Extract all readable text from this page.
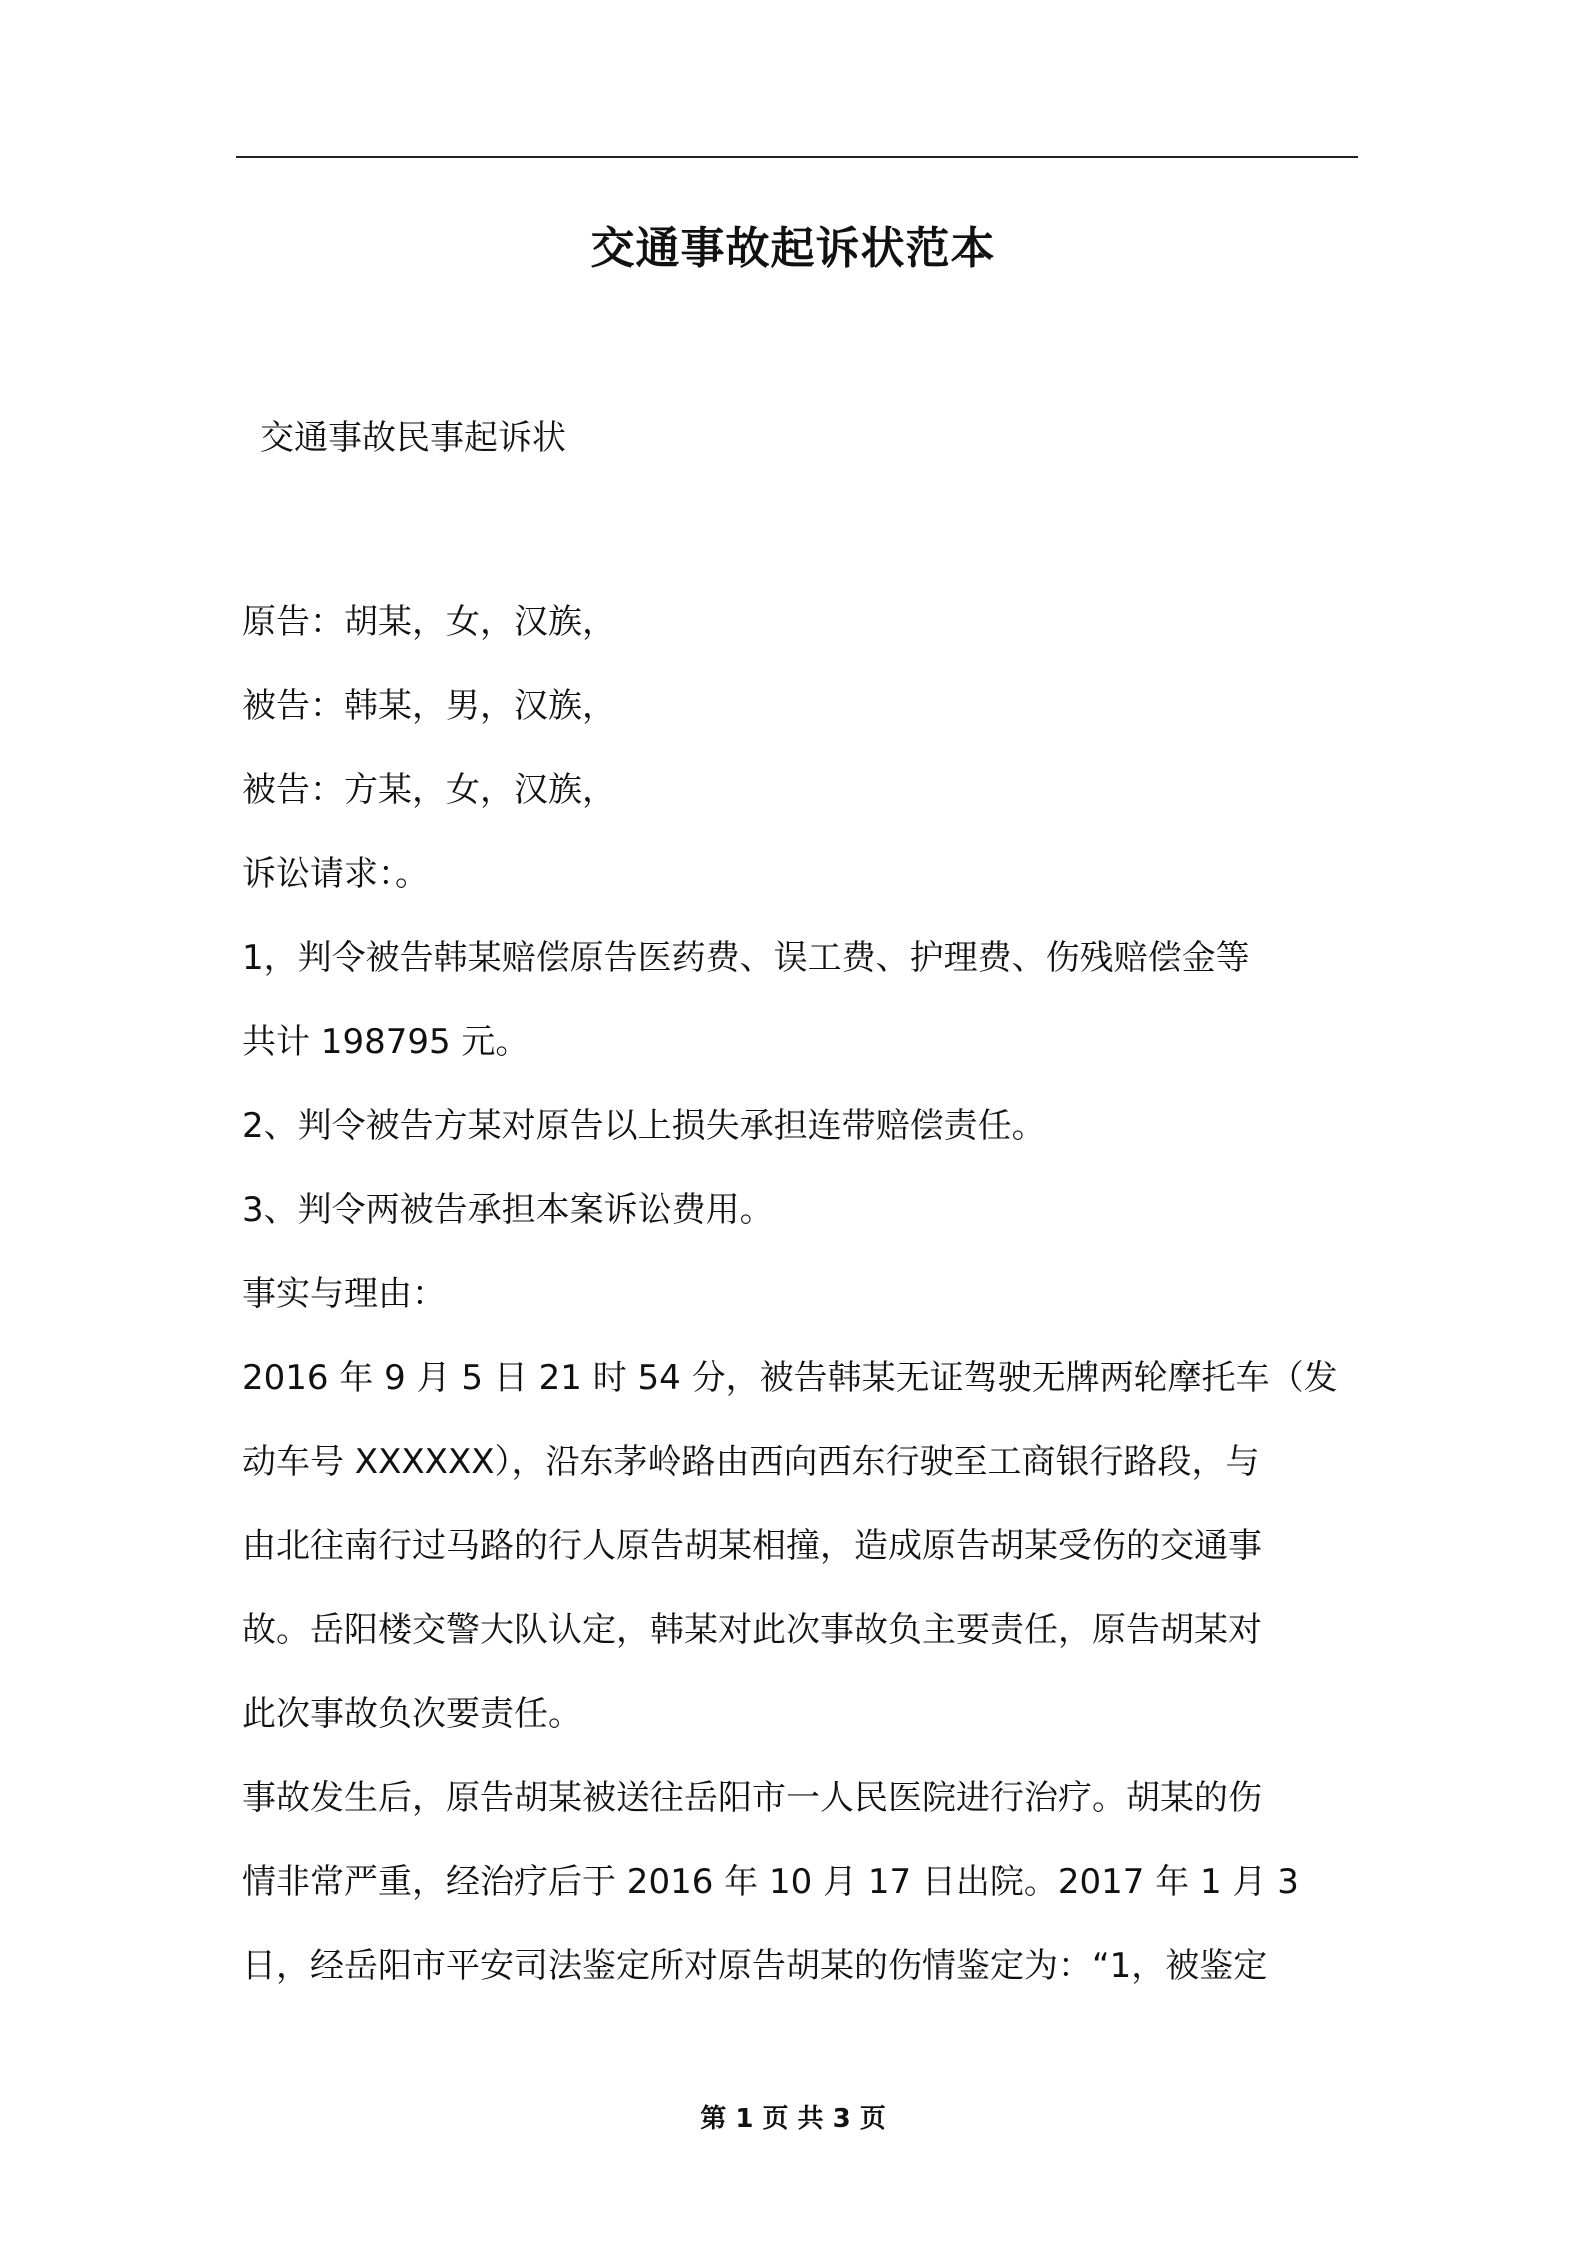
交通事故起诉状范本

交通事故民事起诉状

原告：胡某，女，汉族，

被告：韩某，男，汉族，

被告：方某，女，汉族，

诉讼请求：。

1，判令被告韩某赔偿原告医药费、误工费、护理费、伤残赔偿金等

共计 198795 元。

2、判令被告方某对原告以上损失承担连带赔偿责任。

3、判令两被告承担本案诉讼费用。

事实与理由：

2016 年 9 月 5 日 21 时 54 分，被告韩某无证驾驶无牌两轮摩托车（发

动车号 XXXXXX），沿东茅岭路由西向西东行驶至工商银行路段，与

由北往南行过马路的行人原告胡某相撞，造成原告胡某受伤的交通事

故。岳阳楼交警大队认定，韩某对此次事故负主要责任，原告胡某对

此次事故负次要责任。

事故发生后，原告胡某被送往岳阳市一人民医院进行治疗。胡某的伤

情非常严重，经治疗后于 2016 年 10 月 17 日出院。2017 年 1 月 3

日，经岳阳市平安司法鉴定所对原告胡某的伤情鉴定为：“1，被鉴定

第 1 页 共 3 页
